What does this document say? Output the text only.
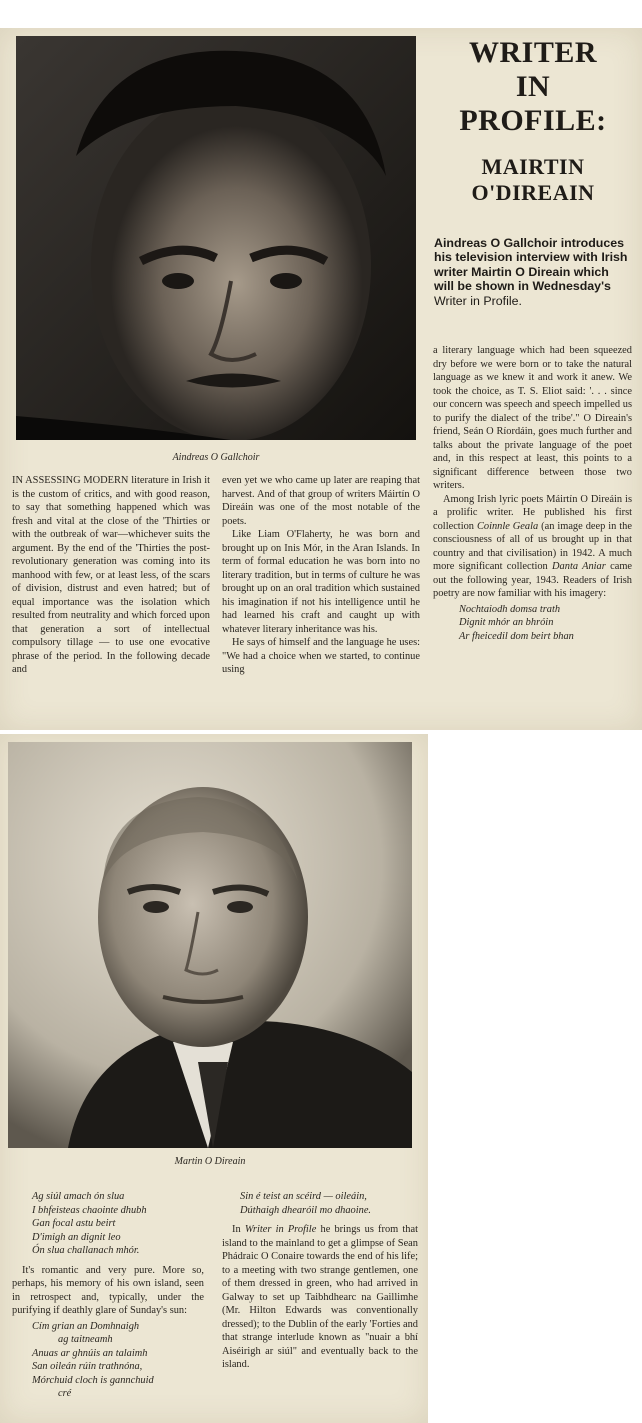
Aindreas O Gallchoir
WRITER
IN
PROFILE:
MAIRTIN
O'DIREAIN
Aindreas O Gallchoir introduces his television interview with Irish writer Mairtin O Direain which will be shown in Wednesday's Writer in Profile.

IN ASSESSING MODERN literature in Irish it is the custom of critics, and with good reason, to say that something happened which was fresh and vital at the close of the 'Thirties or with the outbreak of war—whichever suits the argument. By the end of the 'Thirties the post-revolutionary generation was coming into its manhood with few, or at least less, of the scars of division, distrust and even hatred; but of equal importance was the isolation which resulted from neutrality and which forced upon that generation a sort of intellectual compulsory tillage — to use one evocative phrase of the period. In the following decade and

even yet we who came up later are reaping that harvest. And of that group of writers Máirtín O Direáin was one of the most notable of the poets.

Like Liam O'Flaherty, he was born and brought up on Inis Mór, in the Aran Islands. In term of formal education he was born into no literary tradition, but in terms of culture he was brought up on an oral tradition which sustained his imagination if not his intelligence until he had learned his craft and caught up with whatever literary inheritance was his.

He says of himself and the language he uses: "We had a choice when we started, to continue using

a literary language which had been squeezed dry before we were born or to take the natural language as we knew it and work it anew. We took the choice, as T. S. Eliot said: '. . . since our concern was speech and speech impelled us to purify the dialect of the tribe'." O Direain's friend, Seán O Ríordáin, goes much further and talks about the private language of the poet and, in this respect at least, this points to a significant difference between those two writers.

Among Irish lyric poets Máirtín O Direáin is a prolific writer. He published his first collection Coinnle Geala (an image deep in the consciousness of all of us brought up in that country and that civilisation) in 1942. A much more significant collection Danta Aniar came out the following year, 1943. Readers of Irish poetry are now familiar with his imagery:

Nochtaiodh domsa trath
Dignit mhór an bhróin
Ar fheicedil dom beirt bhan
Martin O Direain
Ag siúl amach ón slua
I bhfeisteas chaointe dhubh
Gan focal astu beirt
D'imigh an dignit leo
Ón slua challanach mhór.

It's romantic and very pure. More so, perhaps, his memory of his own island, seen in retrospect and, typically, under the purifying if deathly glare of Sunday's sun:

Cím grian an Domhnaigh
ag taitneamh
Anuas ar ghnúis an talaimh
San oileán rúin trathnóna,
Mórchuid cloch is gannchuid
cré
Sin é teist an scéird — oileáin,
Dúthaigh dhearóil mo dhaoine.

In Writer in Profile he brings us from that island to the mainland to get a glimpse of Sean Phádraic O Conaire towards the end of his life; to a meeting with two strange gentlemen, one of them dressed in green, who had arrived in Galway to set up Taibhdhearc na Gaillimhe (Mr. Hilton Edwards was conventionally dressed); to the Dublin of the early 'Forties and that strange interlude known as "nuair a bhí Aiséirigh ar siúl" and eventually back to the island.
